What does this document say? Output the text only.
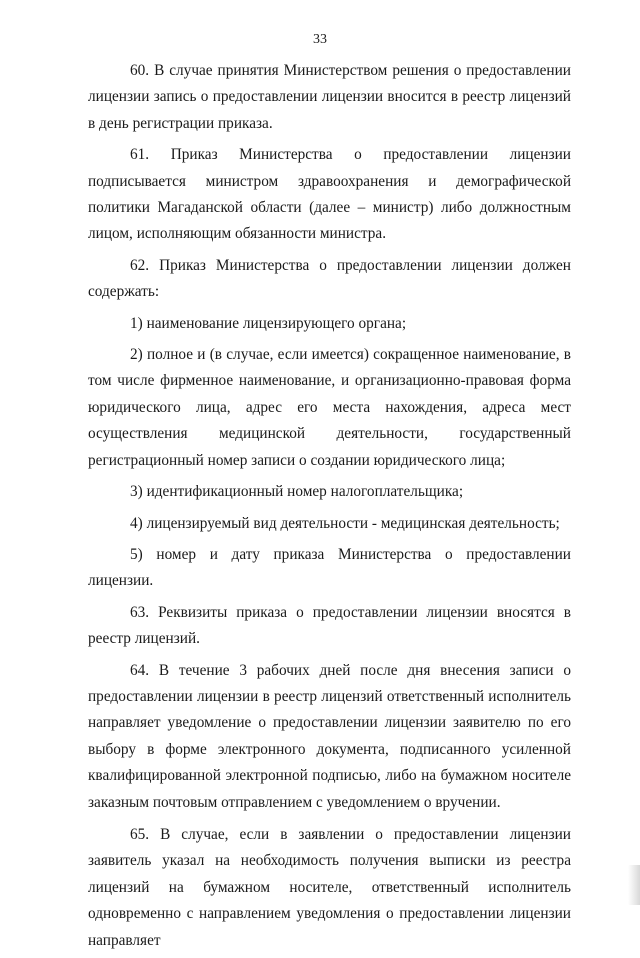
33

60. В случае принятия Министерством решения о предоставлении лицензии запись о предоставлении лицензии вносится в реестр лицензий в день регистрации приказа.

61. Приказ Министерства о предоставлении лицензии подписывается министром здравоохранения и демографической политики Магаданской области (далее – министр) либо должностным лицом, исполняющим обязанности министра.

62. Приказ Министерства о предоставлении лицензии должен содержать:

1) наименование лицензирующего органа;

2) полное и (в случае, если имеется) сокращенное наименование, в том числе фирменное наименование, и организационно-правовая форма юридического лица, адрес его места нахождения, адреса мест осуществления медицинской деятельности, государственный регистрационный номер записи о создании юридического лица;

3) идентификационный номер налогоплательщика;

4) лицензируемый вид деятельности - медицинская деятельность;

5) номер и дату приказа Министерства о предоставлении лицензии.

63. Реквизиты приказа о предоставлении лицензии вносятся в реестр лицензий.

64. В течение 3 рабочих дней после дня внесения записи о предоставлении лицензии в реестр лицензий ответственный исполнитель направляет уведомление о предоставлении лицензии заявителю по его выбору в форме электронного документа, подписанного усиленной квалифицированной электронной подписью, либо на бумажном носителе заказным почтовым отправлением с уведомлением о вручении.

65. В случае, если в заявлении о предоставлении лицензии заявитель указал на необходимость получения выписки из реестра лицензий на бумажном носителе, ответственный исполнитель одновременно с направлением уведомления о предоставлении лицензии направляет
